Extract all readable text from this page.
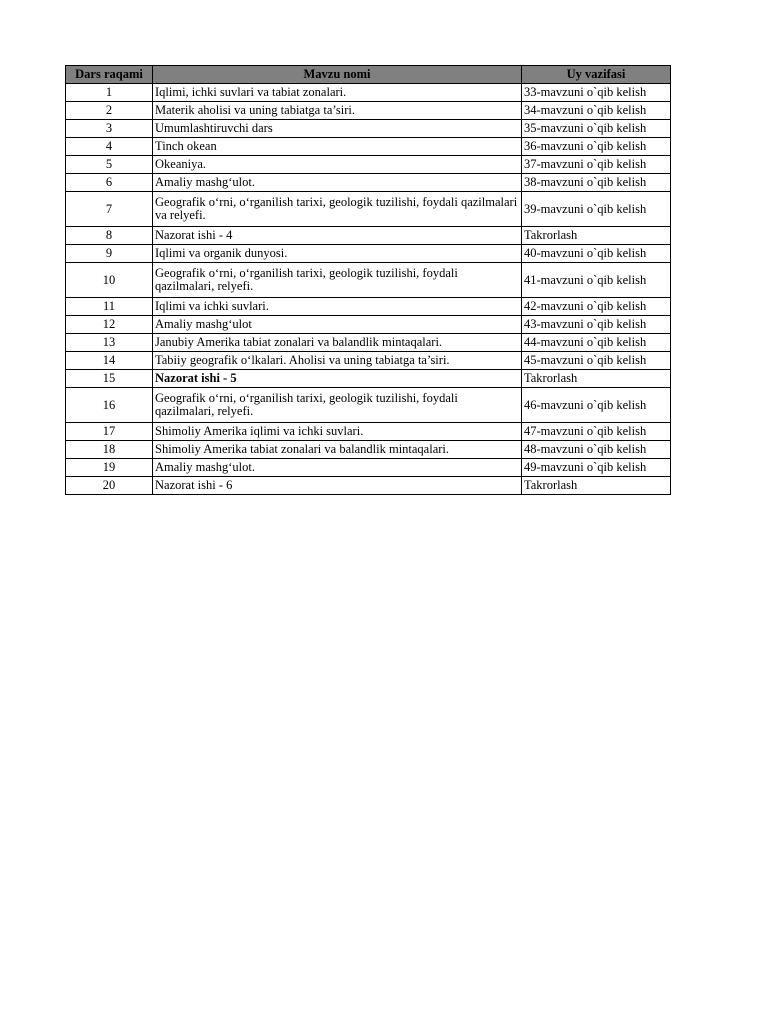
Dars raqami	Mavzu nomi	Uy vazifasi
1	Iqlimi, ichki suvlari va tabiat zonalari.	33-mavzuni o`qib kelish
2	Materik aholisi va uning tabiatga ta’siri.	34-mavzuni o`qib kelish
3	Umumlashtiruvchi dars	35-mavzuni o`qib kelish
4	Tinch okean	36-mavzuni o`qib kelish
5	Okeaniya.	37-mavzuni o`qib kelish
6	Amaliy mashg‘ulot.	38-mavzuni o`qib kelish
7	Geografik o‘rni, o‘rganilish tarixi, geologik tuzilishi, foydali qazilmalari va relyefi.	39-mavzuni o`qib kelish
8	Nazorat ishi - 4	Takrorlash
9	Iqlimi va organik dunyosi.	40-mavzuni o`qib kelish
10	Geografik o‘rni, o‘rganilish tarixi, geologik tuzilishi, foydali qazilmalari, relyefi.	41-mavzuni o`qib kelish
11	Iqlimi va ichki suvlari.	42-mavzuni o`qib kelish
12	Amaliy mashg‘ulot	43-mavzuni o`qib kelish
13	Janubiy Amerika tabiat zonalari va balandlik mintaqalari.	44-mavzuni o`qib kelish
14	Tabiiy geografik o‘lkalari. Aholisi va uning tabiatga ta’siri.	45-mavzuni o`qib kelish
15	Nazorat ishi - 5	Takrorlash
16	Geografik o‘rni, o‘rganilish tarixi, geologik tuzilishi, foydali qazilmalari, relyefi.	46-mavzuni o`qib kelish
17	Shimoliy Amerika iqlimi va ichki suvlari.	47-mavzuni o`qib kelish
18	Shimoliy Amerika tabiat zonalari va balandlik mintaqalari.	48-mavzuni o`qib kelish
19	Amaliy mashg‘ulot.	49-mavzuni o`qib kelish
20	Nazorat ishi - 6	Takrorlash
